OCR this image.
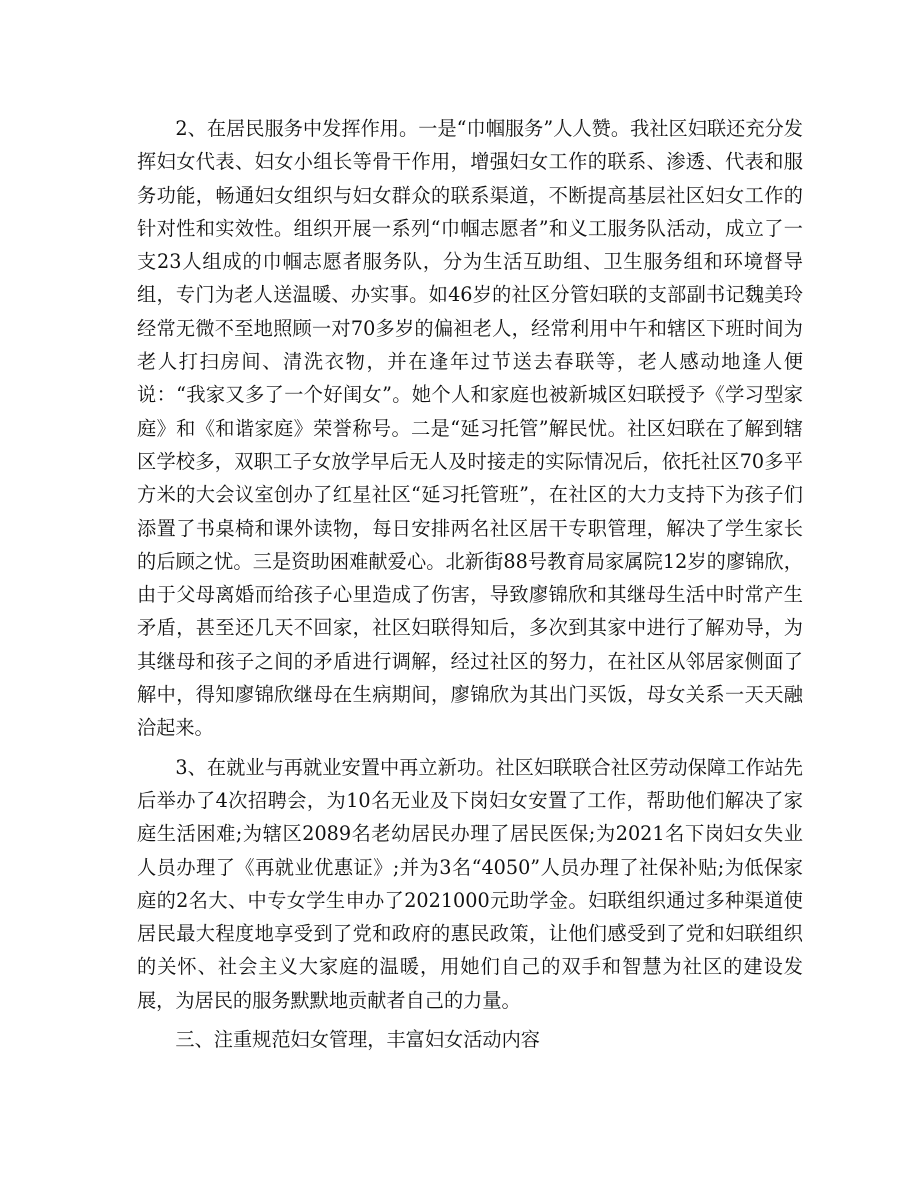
2、在居民服务中发挥作用。一是“巾帼服务”人人赞。我社区妇联还充分发挥妇女代表、妇女小组长等骨干作用，增强妇女工作的联系、渗透、代表和服务功能，畅通妇女组织与妇女群众的联系渠道，不断提高基层社区妇女工作的针对性和实效性。组织开展一系列“巾帼志愿者”和义工服务队活动，成立了一支23人组成的巾帼志愿者服务队，分为生活互助组、卫生服务组和环境督导组，专门为老人送温暖、办实事。如46岁的社区分管妇联的支部副书记魏美玲经常无微不至地照顾一对70多岁的偏袒老人，经常利用中午和辖区下班时间为老人打扫房间、清洗衣物，并在逢年过节送去春联等，老人感动地逢人便说：“我家又多了一个好闺女”。她个人和家庭也被新城区妇联授予《学习型家庭》和《和谐家庭》荣誉称号。二是“延习托管”解民忧。社区妇联在了解到辖区学校多，双职工子女放学早后无人及时接走的实际情况后，依托社区70多平方米的大会议室创办了红星社区“延习托管班”，在社区的大力支持下为孩子们添置了书桌椅和课外读物，每日安排两名社区居干专职管理，解决了学生家长的后顾之忧。三是资助困难献爱心。北新街88号教育局家属院12岁的廖锦欣，由于父母离婚而给孩子心里造成了伤害，导致廖锦欣和其继母生活中时常产生矛盾，甚至还几天不回家，社区妇联得知后，多次到其家中进行了解劝导，为其继母和孩子之间的矛盾进行调解，经过社区的努力，在社区从邻居家侧面了解中，得知廖锦欣继母在生病期间，廖锦欣为其出门买饭，母女关系一天天融洽起来。

3、在就业与再就业安置中再立新功。社区妇联联合社区劳动保障工作站先后举办了4次招聘会，为10名无业及下岗妇女安置了工作，帮助他们解决了家庭生活困难;为辖区2089名老幼居民办理了居民医保;为2021名下岗妇女失业人员办理了《再就业优惠证》;并为3名“4050”人员办理了社保补贴;为低保家庭的2名大、中专女学生申办了2021000元助学金。妇联组织通过多种渠道使居民最大程度地享受到了党和政府的惠民政策，让他们感受到了党和妇联组织的关怀、社会主义大家庭的温暖，用她们自己的双手和智慧为社区的建设发展，为居民的服务默默地贡献者自己的力量。

三、注重规范妇女管理，丰富妇女活动内容
